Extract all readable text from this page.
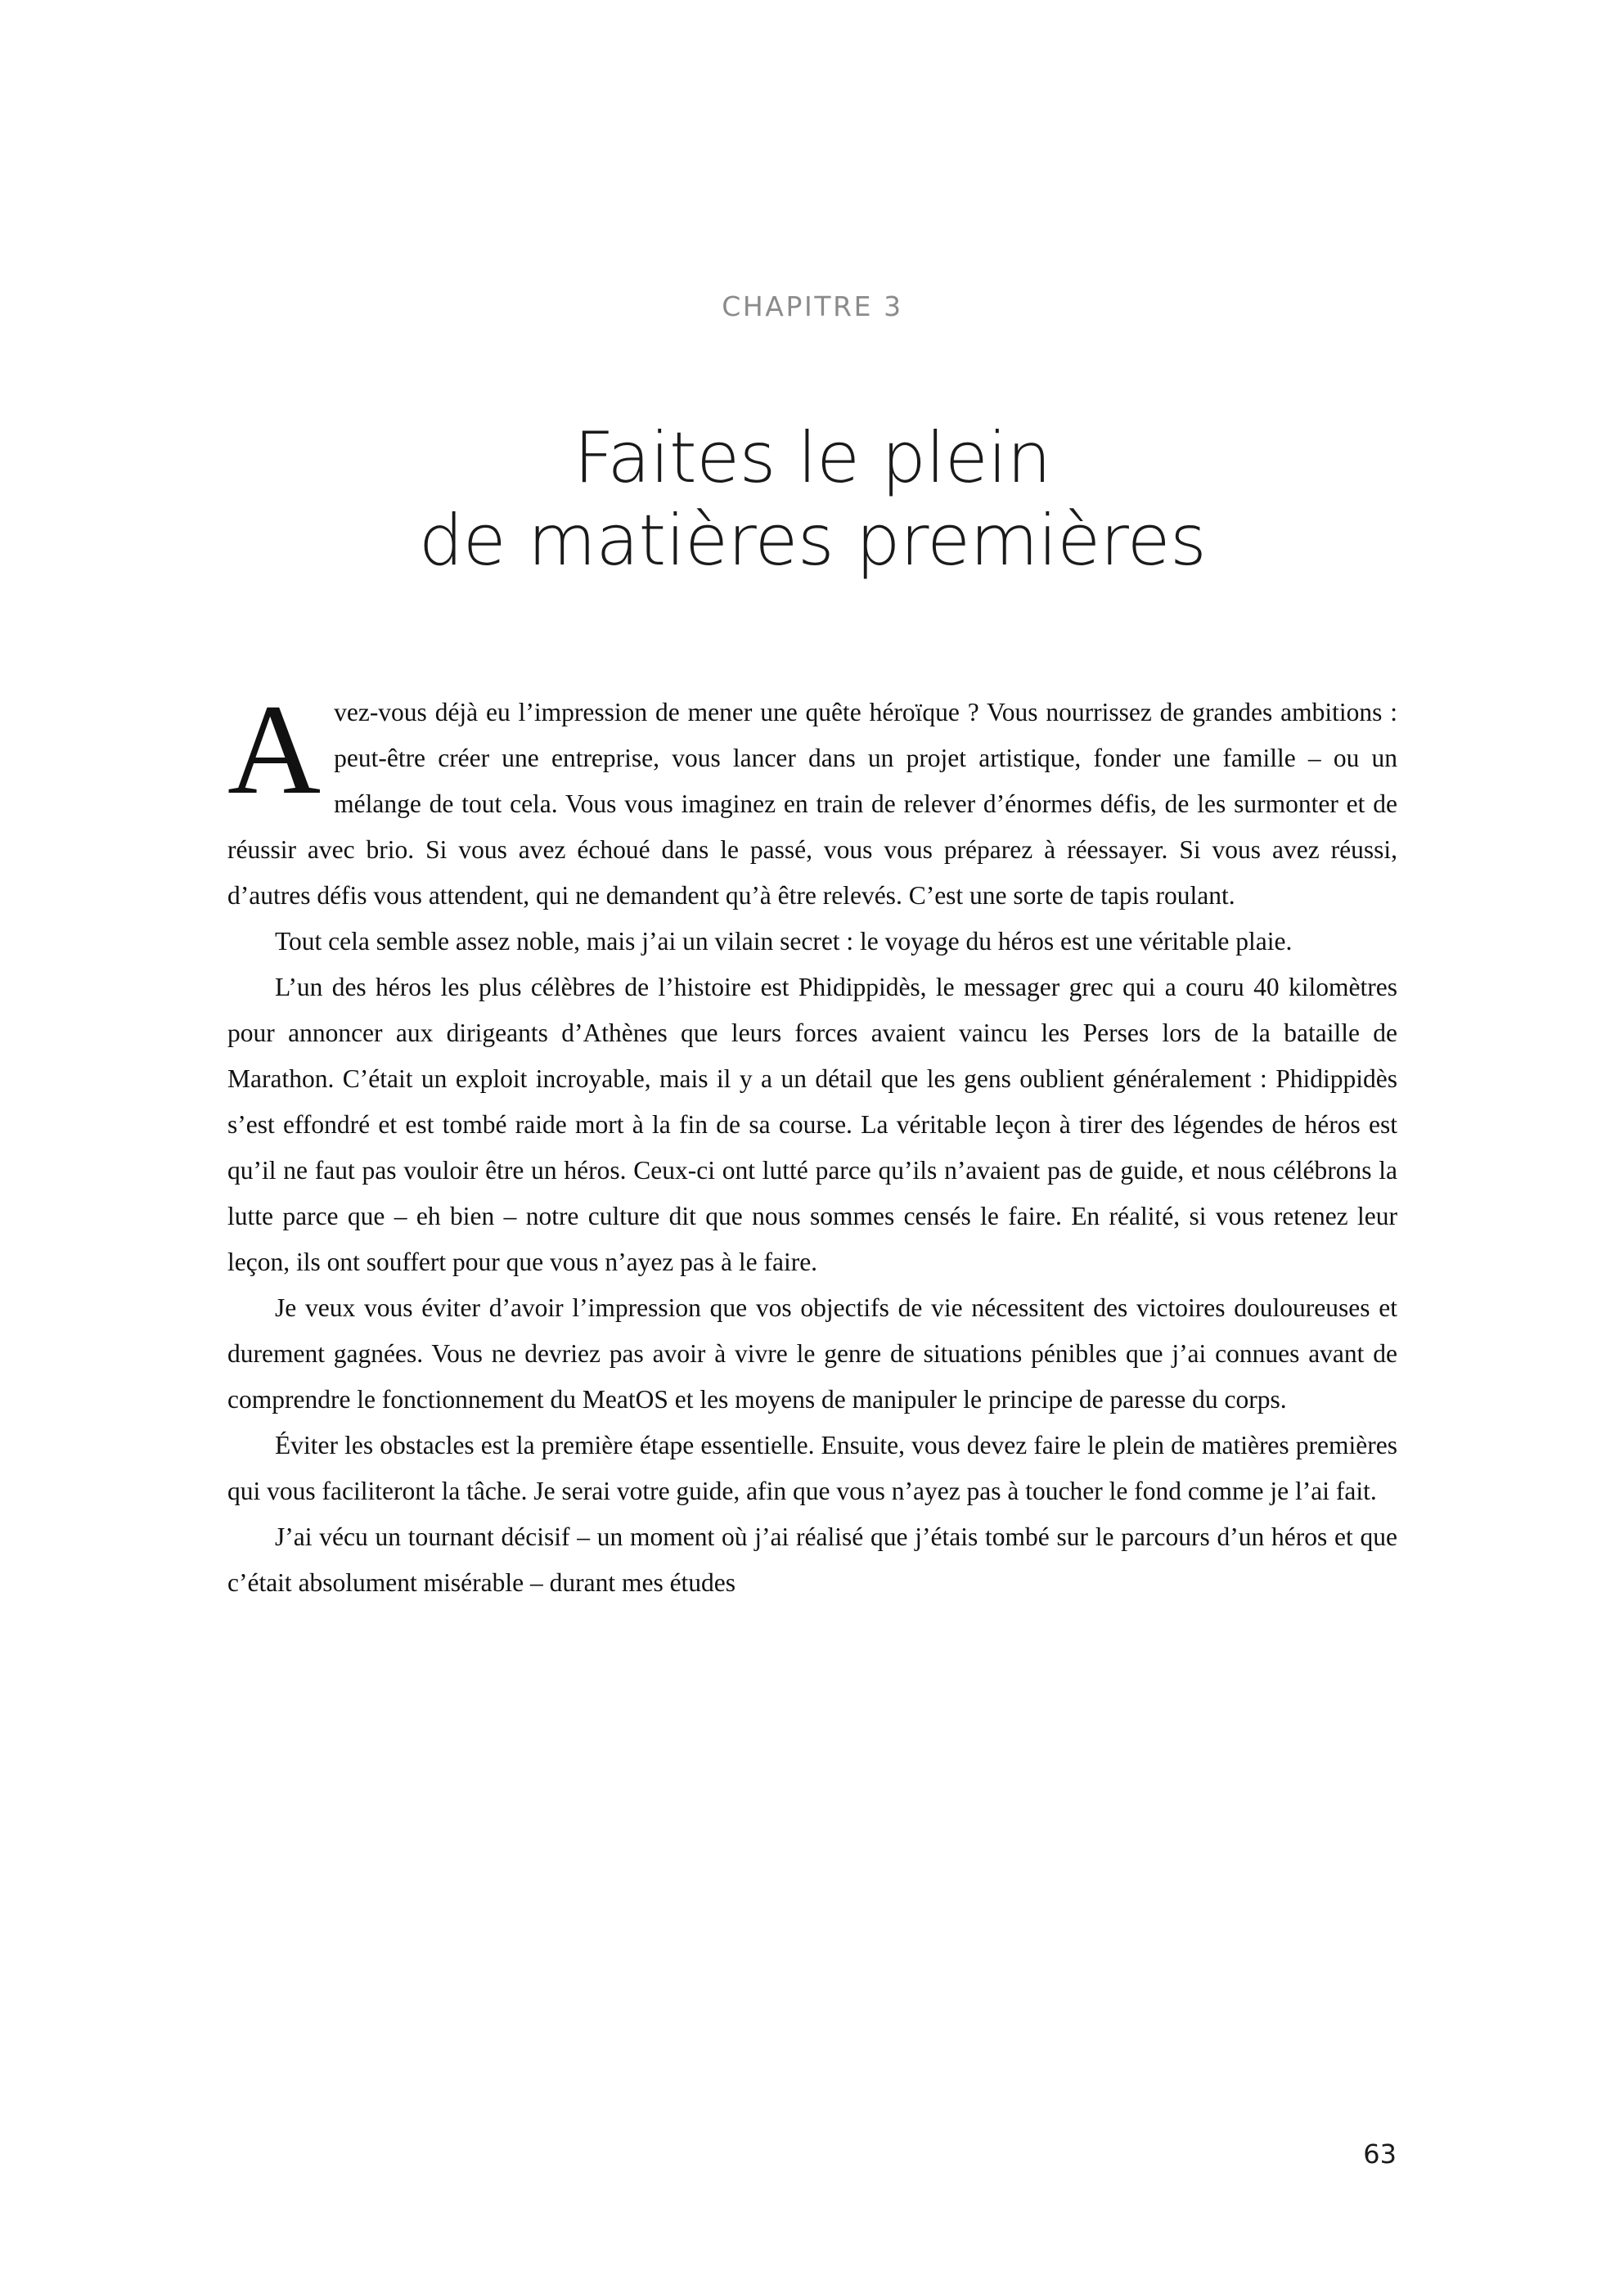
CHAPITRE 3
Faites le plein
de matières premières

Avez-vous déjà eu l’impression de mener une quête héroïque ? Vous nourrissez de grandes ambitions : peut-être créer une entreprise, vous lancer dans un projet artistique, fonder une famille – ou un mélange de tout cela. Vous vous imaginez en train de relever d’énormes défis, de les surmonter et de réussir avec brio. Si vous avez échoué dans le passé, vous vous préparez à réessayer. Si vous avez réussi, d’autres défis vous attendent, qui ne demandent qu’à être relevés. C’est une sorte de tapis roulant.

Tout cela semble assez noble, mais j’ai un vilain secret : le voyage du héros est une véritable plaie.

L’un des héros les plus célèbres de l’histoire est Phidippidès, le messager grec qui a couru 40 kilomètres pour annoncer aux dirigeants d’Athènes que leurs forces avaient vaincu les Perses lors de la bataille de Marathon. C’était un exploit incroyable, mais il y a un détail que les gens oublient généralement : Phidippidès s’est effondré et est tombé raide mort à la fin de sa course. La véritable leçon à tirer des légendes de héros est qu’il ne faut pas vouloir être un héros. Ceux-ci ont lutté parce qu’ils n’avaient pas de guide, et nous célébrons la lutte parce que – eh bien – notre culture dit que nous sommes censés le faire. En réalité, si vous retenez leur leçon, ils ont souffert pour que vous n’ayez pas à le faire.

Je veux vous éviter d’avoir l’impression que vos objectifs de vie nécessitent des victoires douloureuses et durement gagnées. Vous ne devriez pas avoir à vivre le genre de situations pénibles que j’ai connues avant de comprendre le fonctionnement du MeatOS et les moyens de manipuler le principe de paresse du corps.

Éviter les obstacles est la première étape essentielle. Ensuite, vous devez faire le plein de matières premières qui vous faciliteront la tâche. Je serai votre guide, afin que vous n’ayez pas à toucher le fond comme je l’ai fait.

J’ai vécu un tournant décisif – un moment où j’ai réalisé que j’étais tombé sur le parcours d’un héros et que c’était absolument misérable – durant mes études

63
